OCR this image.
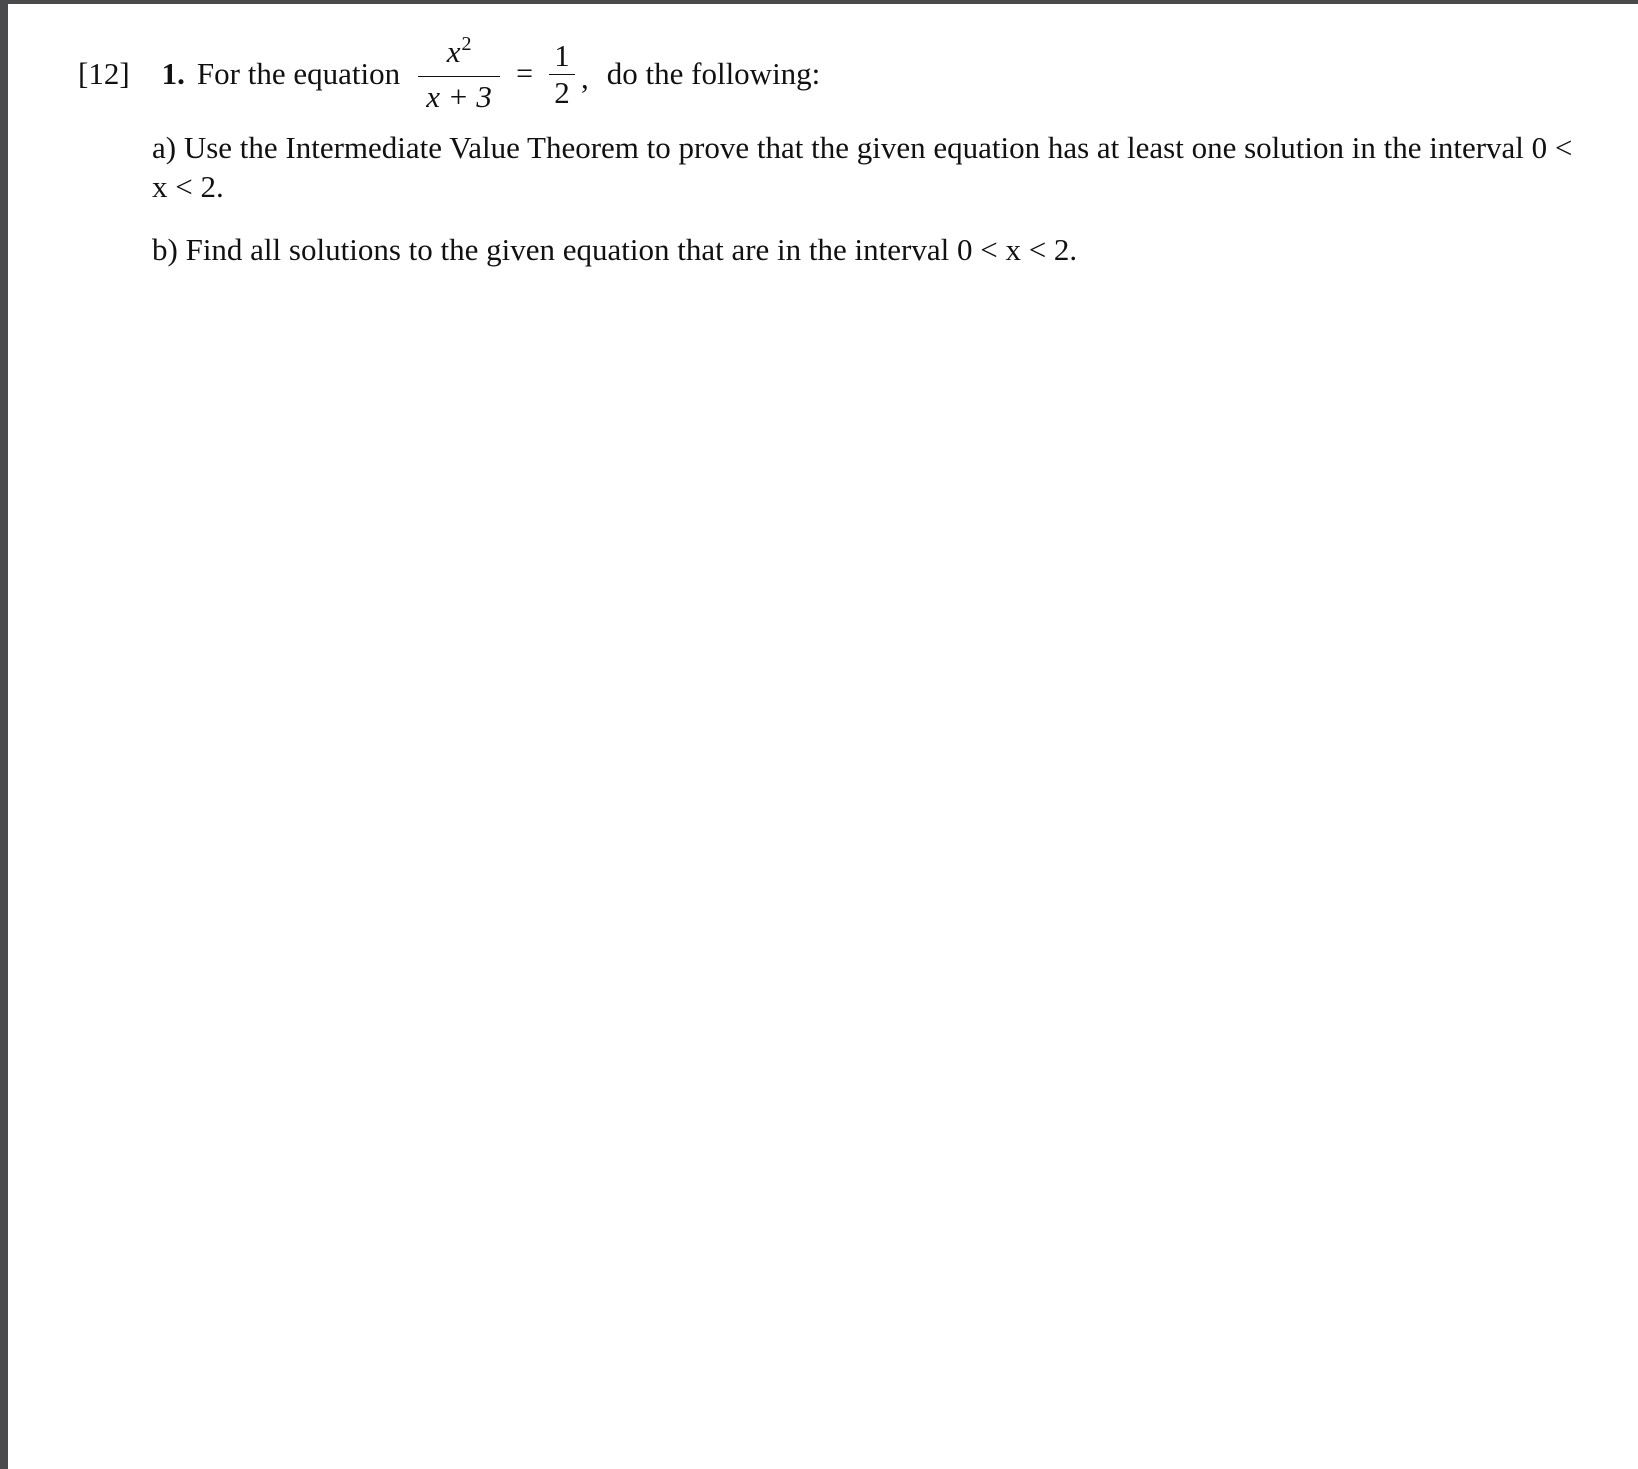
[12] 1. For the equation $\frac{x^2}{x + 3} = \frac{1}{2}$ , do the following:
a) Use the Intermediate Value Theorem to prove that the given equation has at least one solution in the interval 0 < x < 2.
b) Find all solutions to the given equation that are in the interval 0 < x < 2.
